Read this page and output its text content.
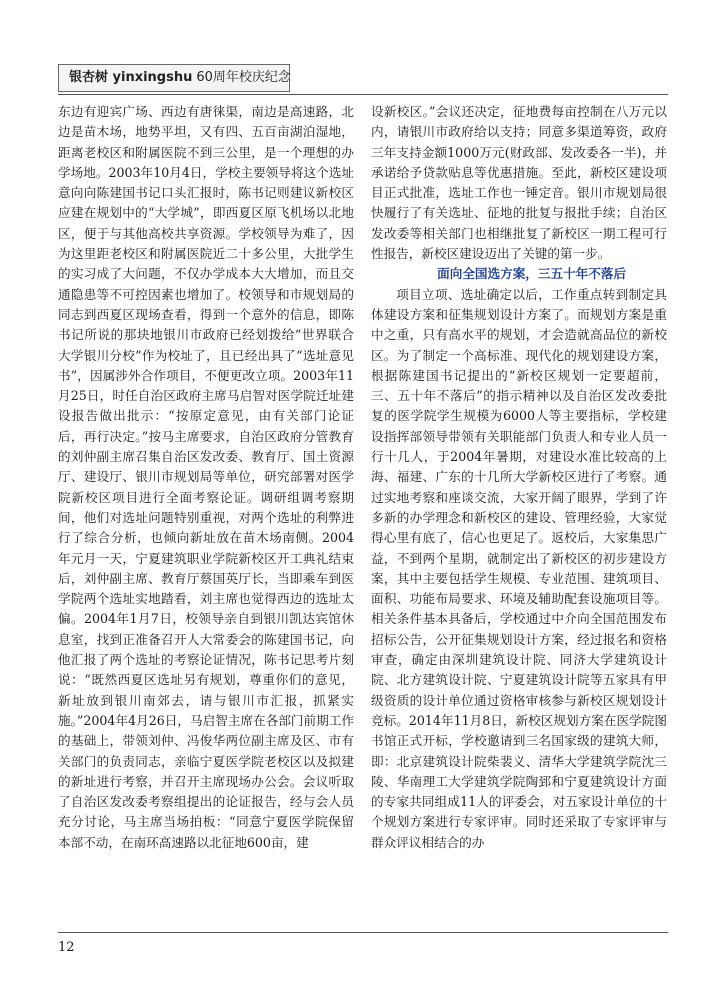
银杏树 yinxingshu 60周年校庆纪念

东边有迎宾广场、西边有唐徕渠，南边是高速路，北边是苗木场，地势平坦，又有四、五百亩湖泊湿地，距离老校区和附属医院不到三公里，是一个理想的办学场地。2003年10月4日，学校主要领导将这个选址意向向陈建国书记口头汇报时，陈书记则建议新校区应建在规划中的“大学城”，即西夏区原飞机场以北地区，便于与其他高校共享资源。学校领导为难了，因为这里距老校区和附属医院近二十多公里，大批学生的实习成了大问题，不仅办学成本大大增加，而且交通隐患等不可控因素也增加了。校领导和市规划局的同志到西夏区现场查看，得到一个意外的信息，即陈书记所说的那块地银川市政府已经划拨给“世界联合大学银川分校”作为校址了，且已经出具了“选址意见书”，因属涉外合作项目，不便更改立项。2003年11月25日，时任自治区政府主席马启智对医学院迁址建设报告做出批示：“按原定意见，由有关部门论证后，再行决定。”按马主席要求，自治区政府分管教育的刘仲副主席召集自治区发改委、教育厅、国土资源厅、建设厅、银川市规划局等单位，研究部署对医学院新校区项目进行全面考察论证。调研组调考察期间，他们对选址问题特别重视，对两个选址的利弊进行了综合分析，也倾向新址放在苗木场南侧。2004年元月一天，宁夏建筑职业学院新校区开工典礼结束后，刘仲副主席、教育厅蔡国英厅长，当即乘车到医学院两个选址实地踏看，刘主席也觉得西边的选址太偏。2004年1月7日，校领导亲自到银川凯达宾馆休息室，找到正准备召开人大常委会的陈建国书记，向他汇报了两个选址的考察论证情况，陈书记思考片刻说：“既然西夏区选址另有规划，尊重你们的意见，新址放到银川南郊去，请与银川市汇报，抓紧实施。”2004年4月26日，马启智主席在各部门前期工作的基础上，带领刘仲、冯俊华两位副主席及区、市有关部门的负责同志，亲临宁夏医学院老校区以及拟建的新址进行考察，并召开主席现场办公会。会议听取了自治区发改委考察组提出的论证报告，经与会人员充分讨论，马主席当场拍板：“同意宁夏医学院保留本部不动，在南环高速路以北征地600亩，建

设新校区。”会议还决定，征地费每亩控制在八万元以内，请银川市政府给以支持；同意多渠道筹资，政府三年支持金额1000万元(财政部、发改委各一半)，并承诺给予贷款贴息等优惠措施。至此，新校区建设项目正式批准，选址工作也一锤定音。银川市规划局很快履行了有关选址、征地的批复与报批手续；自治区发改委等相关部门也相继批复了新校区一期工程可行性报告，新校区建设迈出了关键的第一步。

面向全国选方案，三五十年不落后

项目立项、选址确定以后，工作重点转到制定具体建设方案和征集规划设计方案了。而规划方案是重中之重，只有高水平的规划，才会造就高品位的新校区。为了制定一个高标准、现代化的规划建设方案，根据陈建国书记提出的“新校区规划一定要超前，三、五十年不落后”的指示精神以及自治区发改委批复的医学院学生规模为6000人等主要指标，学校建设指挥部领导带领有关职能部门负责人和专业人员一行十几人，于2004年暑期，对建设水准比较高的上海、福建、广东的十几所大学新校区进行了考察。通过实地考察和座谈交流，大家开阔了眼界，学到了许多新的办学理念和新校区的建设、管理经验，大家觉得心里有底了，信心也更足了。返校后，大家集思广益，不到两个星期，就制定出了新校区的初步建设方案，其中主要包括学生规模、专业范围、建筑项目、面积、功能布局要求、环境及辅助配套设施项目等。相关条件基本具备后，学校通过中介向全国范围发布招标公告，公开征集规划设计方案，经过报名和资格审查，确定由深圳建筑设计院、同济大学建筑设计院、北方建筑设计院、宁夏建筑设计院等五家具有甲级资质的设计单位通过资格审核参与新校区规划设计竞标。2014年11月8日，新校区规划方案在医学院图书馆正式开标，学校邀请到三名国家级的建筑大师，即：北京建筑设计院柴裴义、清华大学建筑学院沈三陵、华南理工大学建筑学院陶郅和宁夏建筑设计方面的专家共同组成11人的评委会，对五家设计单位的十个规划方案进行专家评审。同时还采取了专家评审与群众评议相结合的办

12
